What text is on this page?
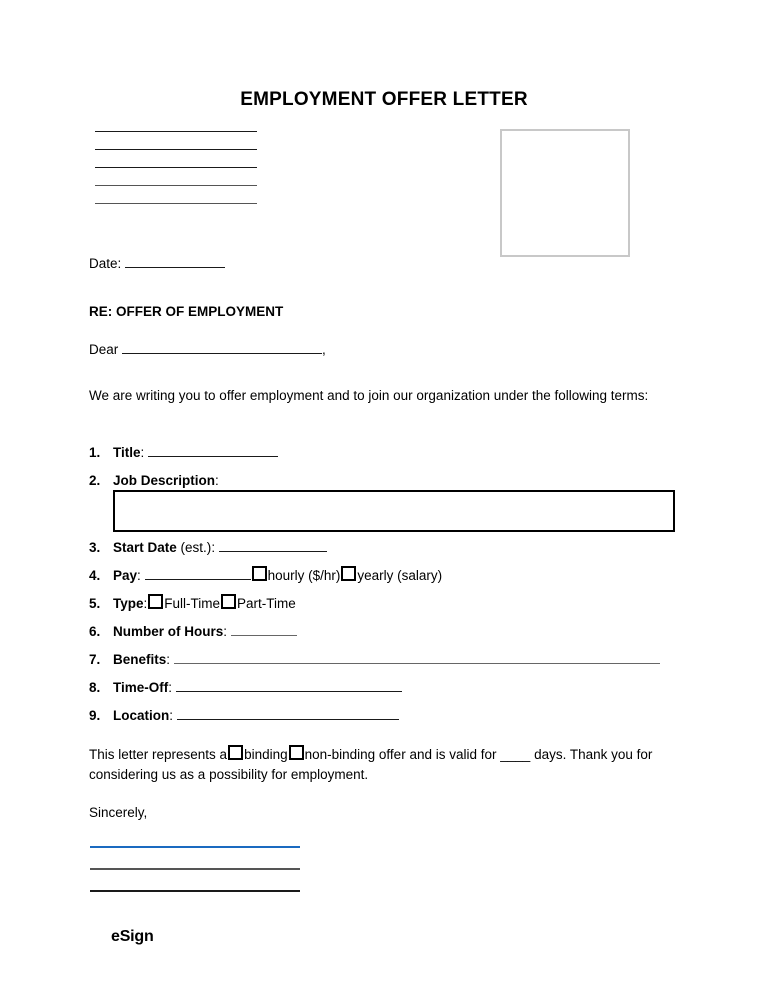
EMPLOYMENT OFFER LETTER
Date:
RE: OFFER OF EMPLOYMENT
Dear	,
We are writing you to offer employment and to join our organization under the following terms:
1. Title:
2. Job Description:
3. Start Date (est.):
4. Pay:	hourly ($/hr) yearly (salary)
5. Type: Full-Time Part-Time
6. Number of Hours:
7. Benefits:
8. Time-Off:
9. Location:
This letter represents a binding non-binding offer and is valid for ____ days. Thank you for considering us as a possibility for employment.
Sincerely,
eSign
